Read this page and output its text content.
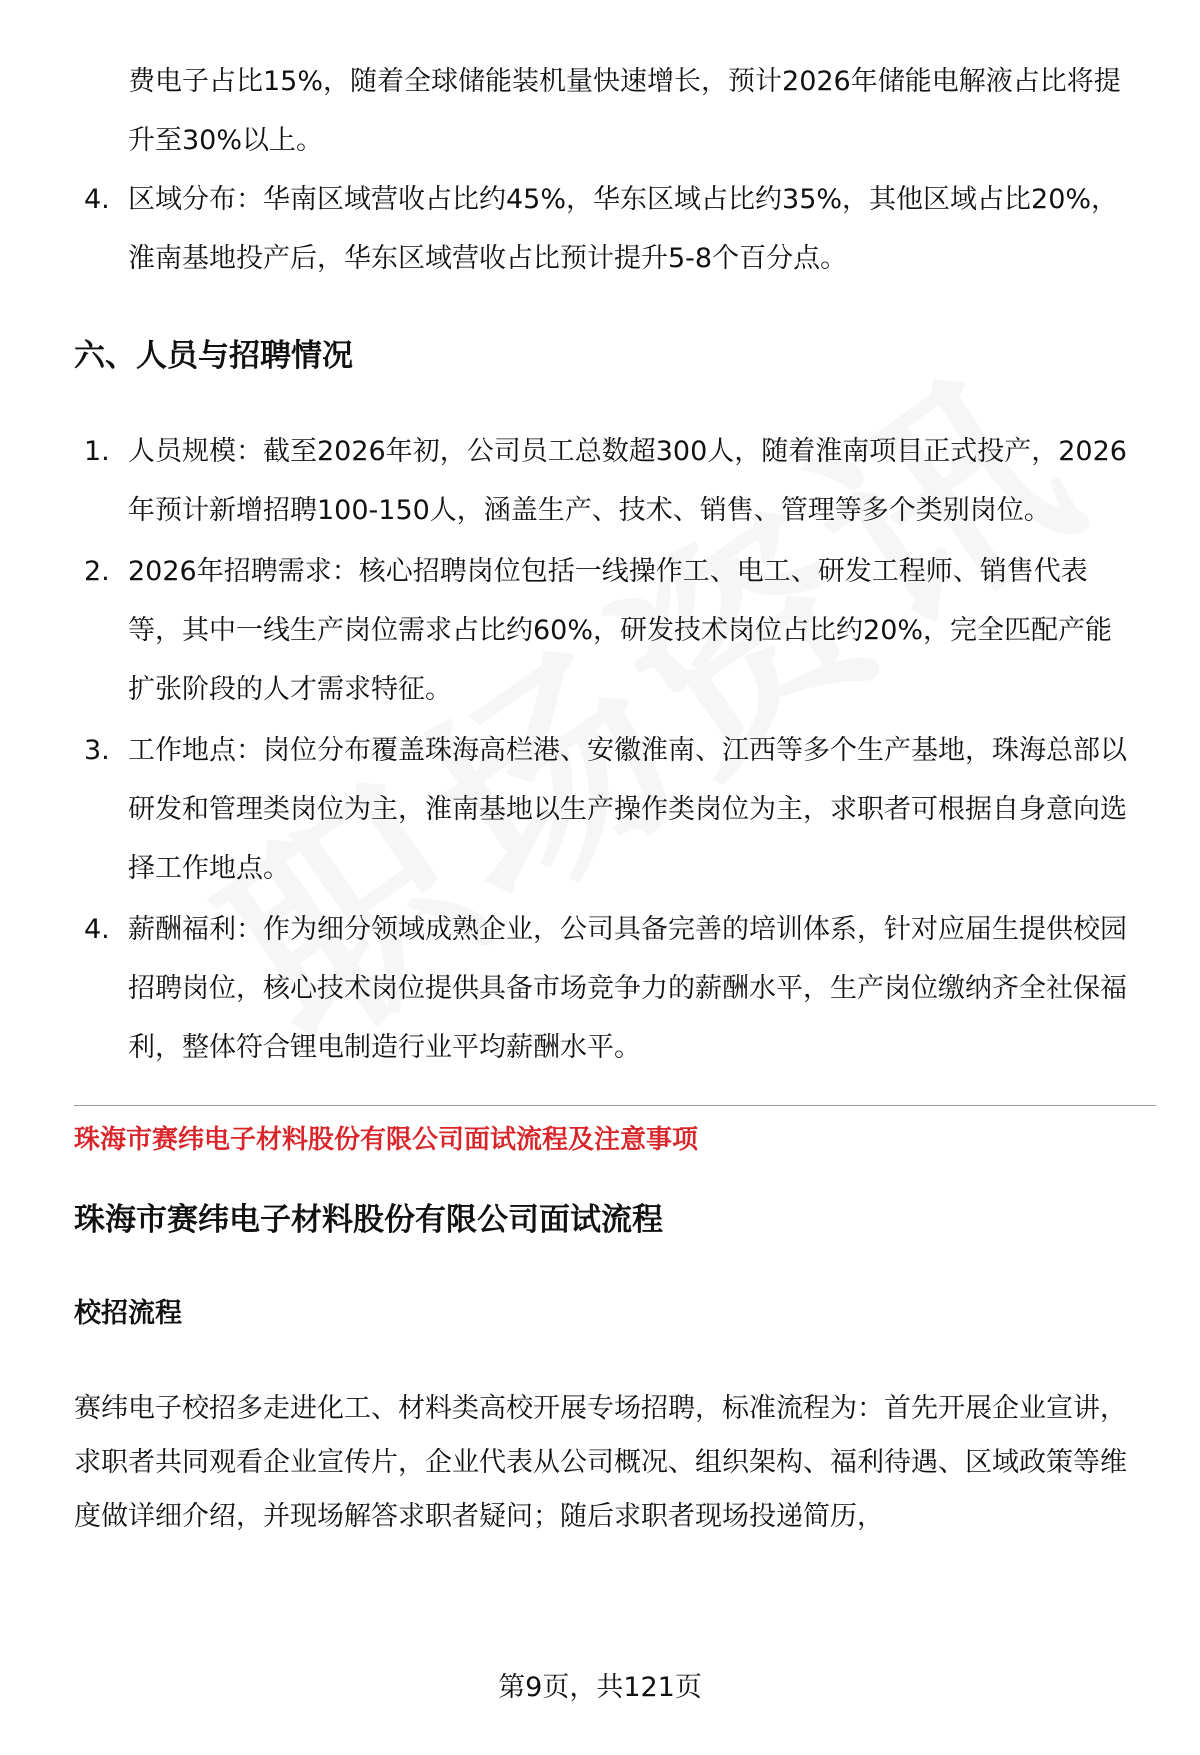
费电子占比15%，随着全球储能装机量快速增长，预计2026年储能电解液占比将提升至30%以上。
4. 区域分布：华南区域营收占比约45%，华东区域占比约35%，其他区域占比20%，淮南基地投产后，华东区域营收占比预计提升5-8个百分点。
六、人员与招聘情况
1. 人员规模：截至2026年初，公司员工总数超300人，随着淮南项目正式投产，2026年预计新增招聘100-150人，涵盖生产、技术、销售、管理等多个类别岗位。
2. 2026年招聘需求：核心招聘岗位包括一线操作工、电工、研发工程师、销售代表等，其中一线生产岗位需求占比约60%，研发技术岗位占比约20%，完全匹配产能扩张阶段的人才需求特征。
3. 工作地点：岗位分布覆盖珠海高栏港、安徽淮南、江西等多个生产基地，珠海总部以研发和管理类岗位为主，淮南基地以生产操作类岗位为主，求职者可根据自身意向选择工作地点。
4. 薪酬福利：作为细分领域成熟企业，公司具备完善的培训体系，针对应届生提供校园招聘岗位，核心技术岗位提供具备市场竞争力的薪酬水平，生产岗位缴纳齐全社保福利，整体符合锂电制造行业平均薪酬水平。
珠海市赛纬电子材料股份有限公司面试流程及注意事项
珠海市赛纬电子材料股份有限公司面试流程
校招流程

赛纬电子校招多走进化工、材料类高校开展专场招聘，标准流程为：首先开展企业宣讲，求职者共同观看企业宣传片，企业代表从公司概况、组织架构、福利待遇、区域政策等维度做详细介绍，并现场解答求职者疑问；随后求职者现场投递简历，

第9页，共121页
